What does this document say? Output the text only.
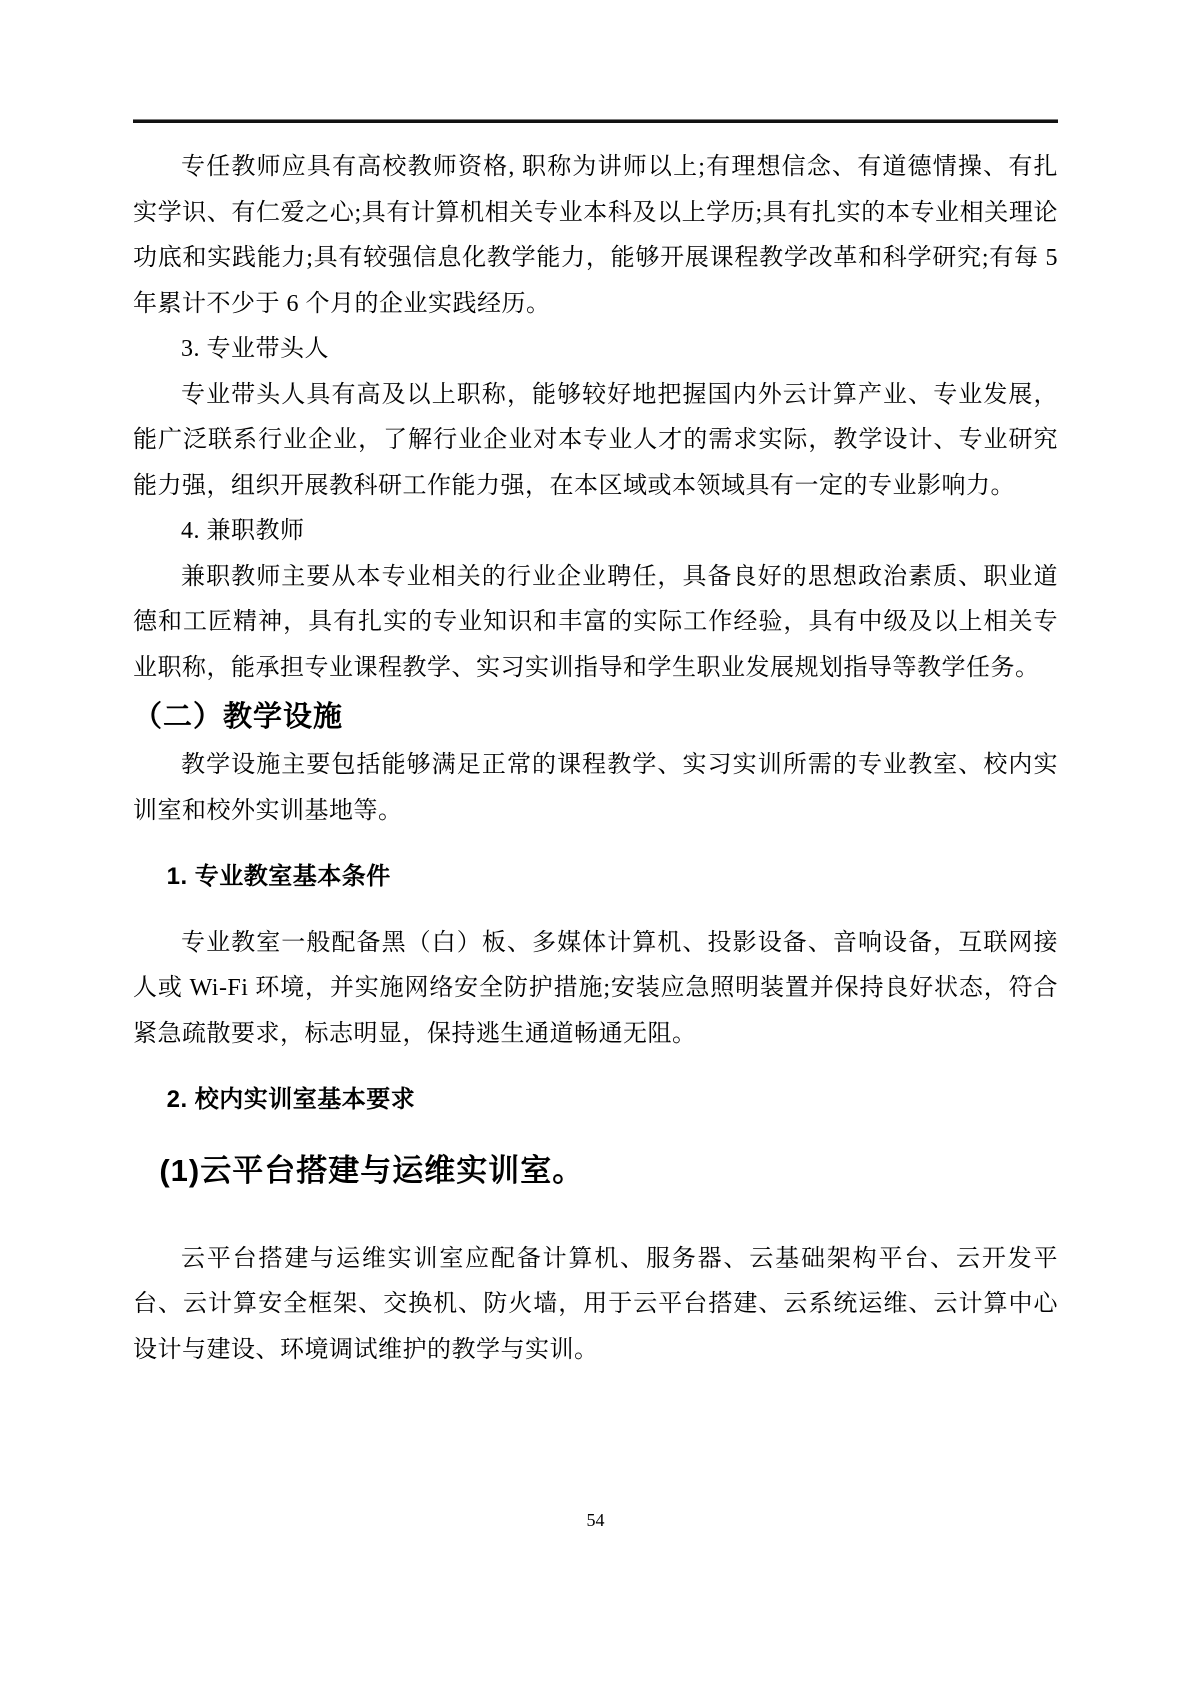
专任教师应具有高校教师资格, 职称为讲师以上;有理想信念、有道德情操、有扎实学识、有仁爱之心;具有计算机相关专业本科及以上学历;具有扎实的本专业相关理论功底和实践能力;具有较强信息化教学能力，能够开展课程教学改革和科学研究;有每 5 年累计不少于 6 个月的企业实践经历。

3. 专业带头人

专业带头人具有高及以上职称，能够较好地把握国内外云计算产业、专业发展，能广泛联系行业企业，了解行业企业对本专业人才的需求实际，教学设计、专业研究能力强，组织开展教科研工作能力强，在本区域或本领域具有一定的专业影响力。

4. 兼职教师

兼职教师主要从本专业相关的行业企业聘任，具备良好的思想政治素质、职业道德和工匠精神，具有扎实的专业知识和丰富的实际工作经验，具有中级及以上相关专业职称，能承担专业课程教学、实习实训指导和学生职业发展规划指导等教学任务。

（二）教学设施

教学设施主要包括能够满足正常的课程教学、实习实训所需的专业教室、校内实训室和校外实训基地等。

1. 专业教室基本条件

专业教室一般配备黑（白）板、多媒体计算机、投影设备、音响设备，互联网接人或 Wi-Fi 环境，并实施网络安全防护措施;安装应急照明装置并保持良好状态，符合紧急疏散要求，标志明显，保持逃生通道畅通无阻。

2. 校内实训室基本要求

(1)云平台搭建与运维实训室。

云平台搭建与运维实训室应配备计算机、服务器、云基础架构平台、云开发平台、云计算安全框架、交换机、防火墙，用于云平台搭建、云系统运维、云计算中心设计与建设、环境调试维护的教学与实训。

54
